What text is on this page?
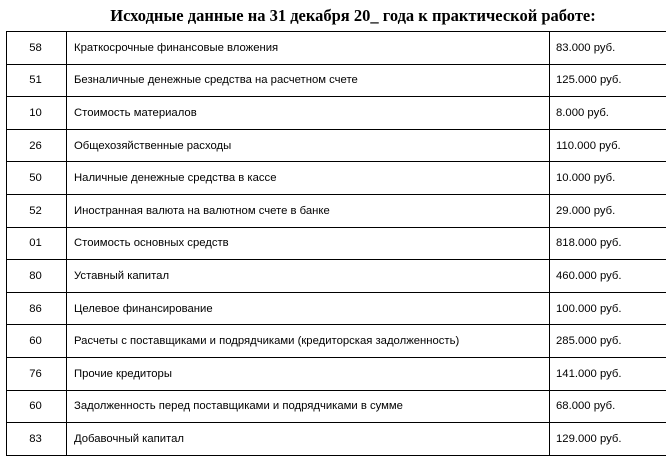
Исходные данные на 31 декабря 20_ года к практической работе:
58	Краткосрочные финансовые вложения	83.000 руб.
51	Безналичные денежные средства на расчетном счете	125.000 руб.
10	Стоимость материалов	8.000 руб.
26	Общехозяйственные расходы	110.000 руб.
50	Наличные денежные средства в кассе	10.000 руб.
52	Иностранная валюта на валютном счете в банке	29.000 руб.
01	Стоимость основных средств	818.000 руб.
80	Уставный капитал	460.000 руб.
86	Целевое финансирование	100.000 руб.
60	Расчеты с поставщиками и подрядчиками (кредиторская задолженность)	285.000 руб.
76	Прочие кредиторы	141.000 руб.
60	Задолженность перед поставщиками и подрядчиками в сумме	68.000 руб.
83	Добавочный капитал	129.000 руб.
